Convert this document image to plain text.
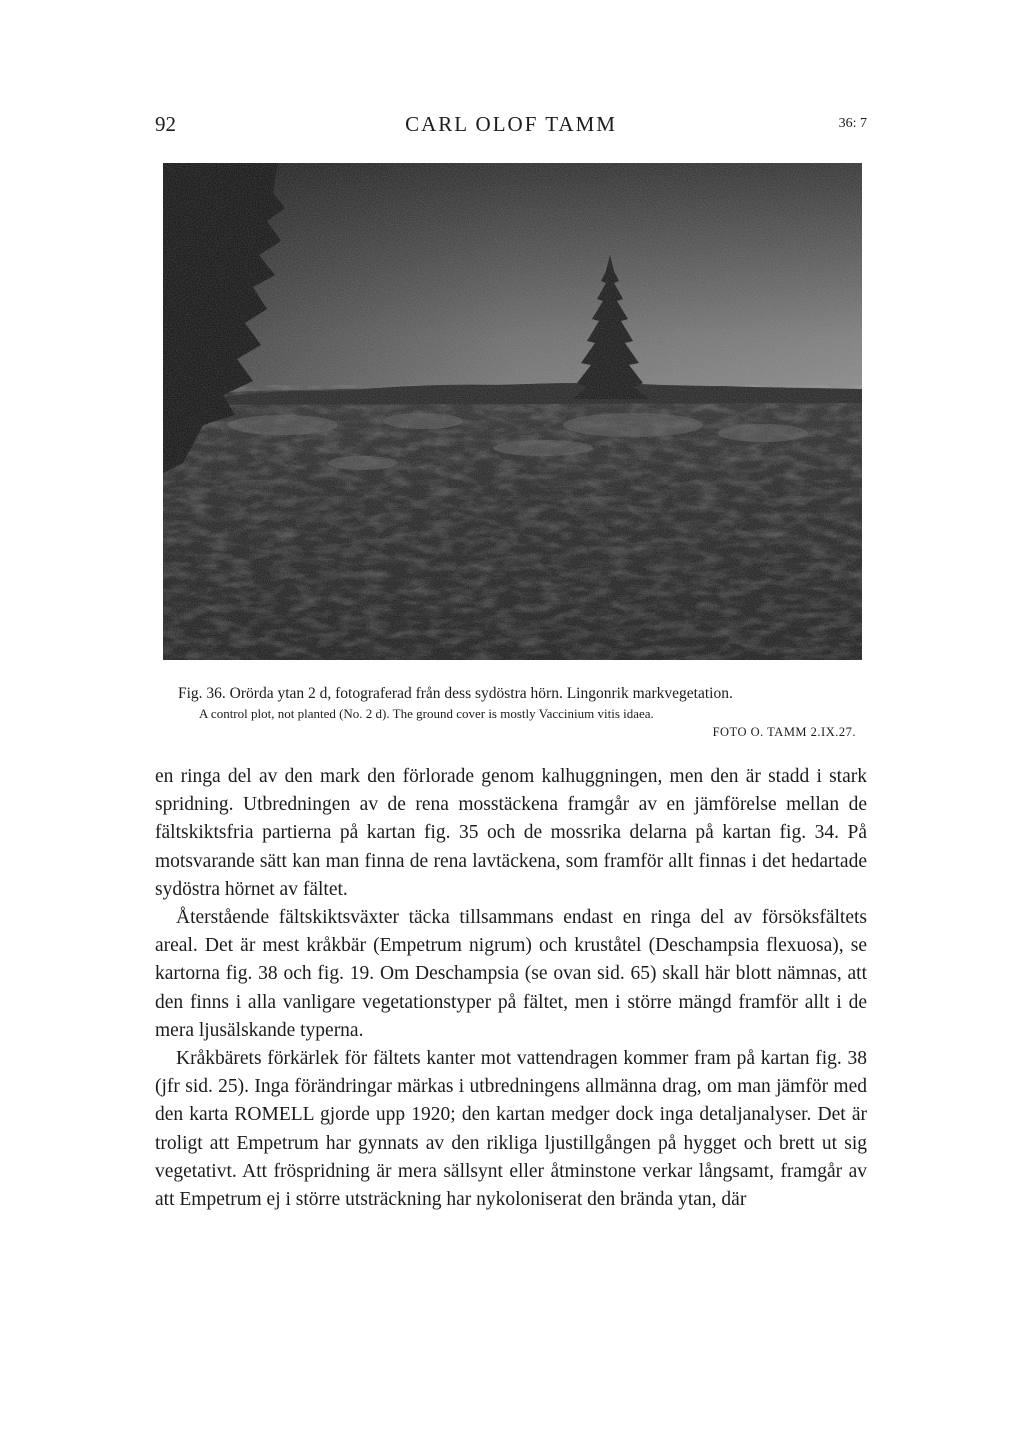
92	CARL OLOF TAMM	36: 7
Fig. 36. Orörda ytan 2 d, fotograferad från dess sydöstra hörn. Lingonrik markvegetation.
A control plot, not planted (No. 2 d). The ground cover is mostly Vaccinium vitis idaea.
FOTO O. TAMM 2.IX.27.

en ringa del av den mark den förlorade genom kalhuggningen, men den är stadd i stark spridning. Utbredningen av de rena mosstäckena framgår av en jämförelse mellan de fältskiktsfria partierna på kartan fig. 35 och de mossrika delarna på kartan fig. 34. På motsvarande sätt kan man finna de rena lavtäckena, som framför allt finnas i det hedartade sydöstra hörnet av fältet.

Återstående fältskiktsväxter täcka tillsammans endast en ringa del av försöksfältets areal. Det är mest kråkbär (Empetrum nigrum) och kruståtel (Deschampsia flexuosa), se kartorna fig. 38 och fig. 19. Om Deschampsia (se ovan sid. 65) skall här blott nämnas, att den finns i alla vanligare vegetationstyper på fältet, men i större mängd framför allt i de mera ljusälskande typerna.

Kråkbärets förkärlek för fältets kanter mot vattendragen kommer fram på kartan fig. 38 (jfr sid. 25). Inga förändringar märkas i utbredningens allmänna drag, om man jämför med den karta ROMELL gjorde upp 1920; den kartan medger dock inga detaljanalyser. Det är troligt att Empetrum har gynnats av den rikliga ljustillgången på hygget och brett ut sig vegetativt. Att fröspridning är mera sällsynt eller åtminstone verkar långsamt, framgår av att Empetrum ej i större utsträckning har nykoloniserat den brända ytan, där
